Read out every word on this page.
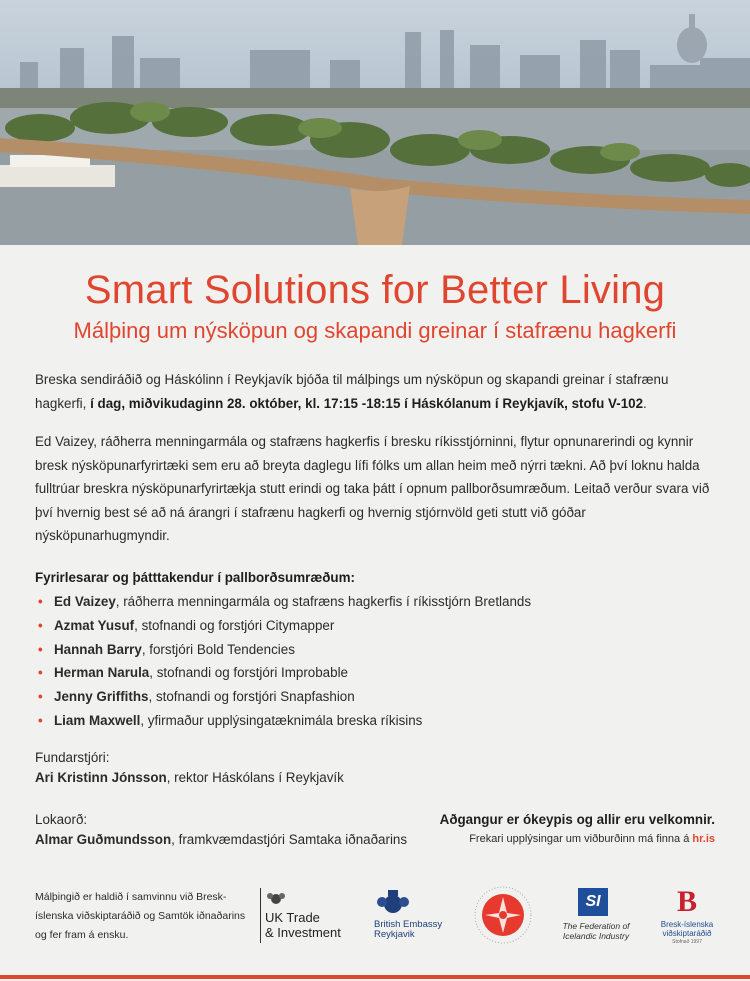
Smart Solutions for Better Living
Málþing um nýsköpun og skapandi greinar í stafrænu hagkerfi
Breska sendiráðið og Háskólinn í Reykjavík bjóða til málþings um nýsköpun og skapandi greinar í stafrænu hagkerfi, í dag, miðvikudaginn 28. október, kl. 17:15 -18:15 í Háskólanum í Reykjavík, stofu V-102.
Ed Vaizey, ráðherra menningarmála og stafræns hagkerfis í bresku ríkisstjórninni, flytur opnunarerindi og kynnir bresk nýsköpunarfyrirtæki sem eru að breyta daglegu lífi fólks um allan heim með nýrri tækni. Að því loknu halda fulltrúar breskra nýsköpunarfyrirtækja stutt erindi og taka þátt í opnum pallborðsumræðum. Leitað verður svara við því hvernig best sé að ná árangri í stafrænu hagkerfi og hvernig stjórnvöld geti stutt við góðar nýsköpunarhugmyndir.
Fyrirlesarar og þátttakendur í pallborðsumræðum:
• Ed Vaizey, ráðherra menningarmála og stafræns hagkerfis í ríkisstjórn Bretlands
• Azmat Yusuf, stofnandi og forstjóri Citymapper
• Hannah Barry, forstjóri Bold Tendencies
• Herman Narula, stofnandi og forstjóri Improbable
• Jenny Griffiths, stofnandi og forstjóri Snapfashion
• Liam Maxwell, yfirmaður upplýsingatæknimála breska ríkisins
Fundarstjóri:
Ari Kristinn Jónsson, rektor Háskólans í Reykjavík
Lokaorð:
Almar Guðmundsson, framkvæmdastjóri Samtaka iðnaðarins
Aðgangur er ókeypis og allir eru velkomnir.
Frekari upplýsingar um viðburðinn má finna á hr.is
Málþingið er haldið í samvinnu við Bresk-íslenska viðskiptaráðið og Samtök iðnaðarins og fer fram á ensku.
UK Trade
& Investment
British Embassy
Reykjavik
SI
The Federation of
Icelandic Industry
B
Bresk-íslenska
viðskiptaráðið
Stofnað 1997
